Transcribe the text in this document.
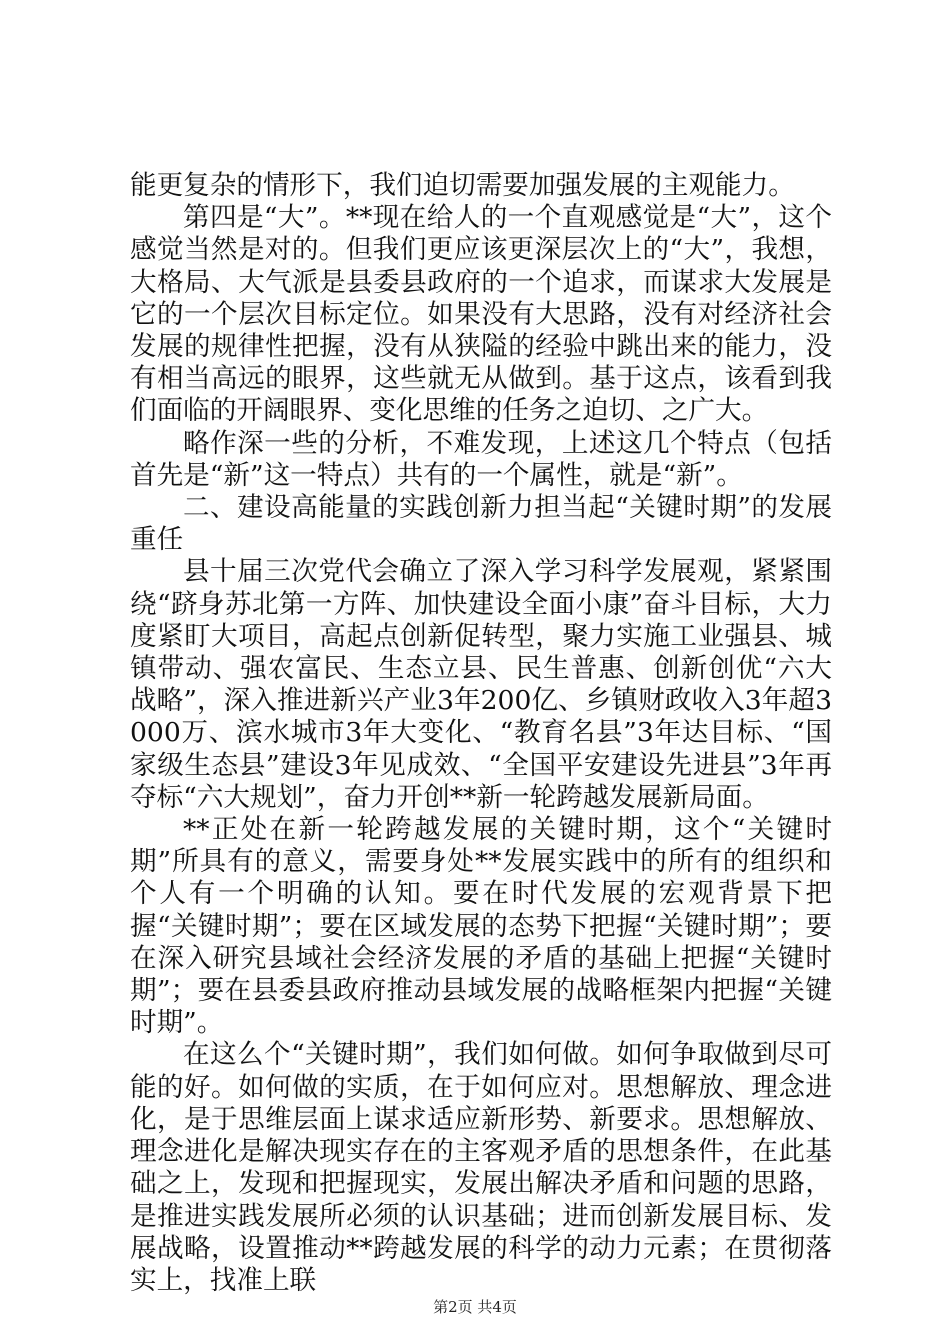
能更复杂的情形下，我们迫切需要加强发展的主观能力。

第四是“大”。**现在给人的一个直观感觉是“大”，这个感觉当然是对的。但我们更应该更深层次上的“大”，我想，大格局、大气派是县委县政府的一个追求，而谋求大发展是它的一个层次目标定位。如果没有大思路，没有对经济社会发展的规律性把握，没有从狭隘的经验中跳出来的能力，没有相当高远的眼界，这些就无从做到。基于这点，该看到我们面临的开阔眼界、变化思维的任务之迫切、之广大。

略作深一些的分析，不难发现，上述这几个特点（包括首先是“新”这一特点）共有的一个属性，就是“新”。

二、建设高能量的实践创新力担当起“关键时期”的发展重任

县十届三次党代会确立了深入学习科学发展观，紧紧围绕“跻身苏北第一方阵、加快建设全面小康”奋斗目标，大力度紧盯大项目，高起点创新促转型，聚力实施工业强县、城镇带动、强农富民、生态立县、民生普惠、创新创优“六大战略”，深入推进新兴产业3年200亿、乡镇财政收入3年超3000万、滨水城市3年大变化、“教育名县”3年达目标、“国家级生态县”建设3年见成效、“全国平安建设先进县”3年再夺标“六大规划”，奋力开创**新一轮跨越发展新局面。

**正处在新一轮跨越发展的关键时期，这个“关键时期”所具有的意义，需要身处**发展实践中的所有的组织和个人有一个明确的认知。要在时代发展的宏观背景下把握“关键时期”；要在区域发展的态势下把握“关键时期”；要在深入研究县域社会经济发展的矛盾的基础上把握“关键时期”；要在县委县政府推动县域发展的战略框架内把握“关键时期”。

在这么个“关键时期”，我们如何做。如何争取做到尽可能的好。如何做的实质，在于如何应对。思想解放、理念进化，是于思维层面上谋求适应新形势、新要求。思想解放、理念进化是解决现实存在的主客观矛盾的思想条件，在此基础之上，发现和把握现实，发展出解决矛盾和问题的思路，是推进实践发展所必须的认识基础；进而创新发展目标、发展战略，设置推动**跨越发展的科学的动力元素；在贯彻落实上，找准上联

第2页 共4页
